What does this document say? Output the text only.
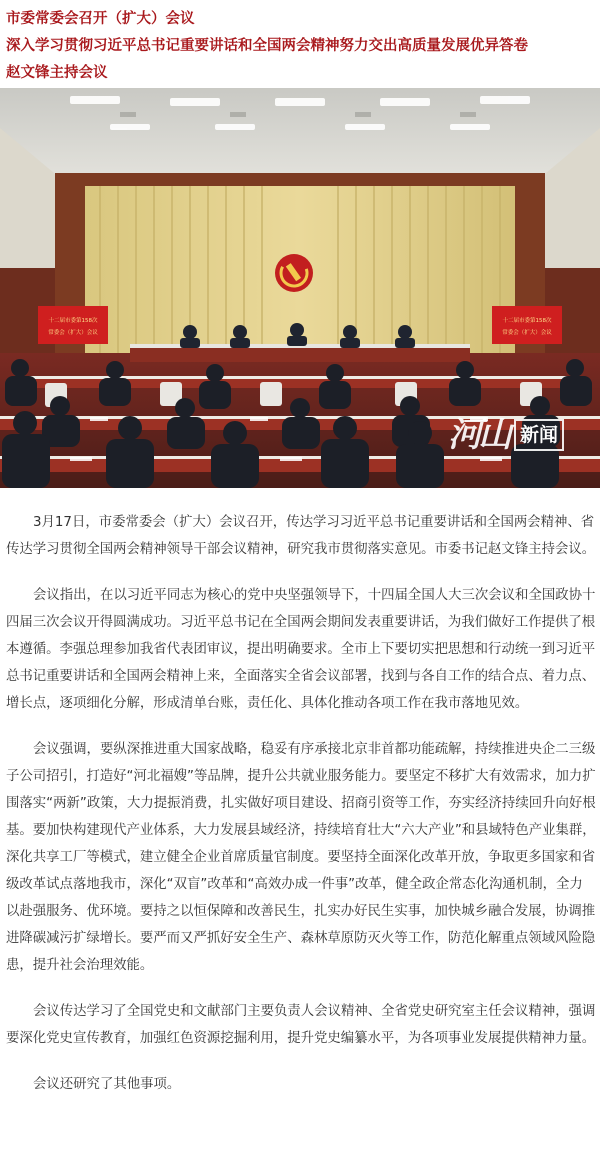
市委常委会召开（扩大）会议
深入学习贯彻习近平总书记重要讲话和全国两会精神努力交出高质量发展优异答卷
赵文锋主持会议
十二届市委第158次
常委会（扩大）会议
十二届市委第158次
常委会（扩大）会议
河山 新闻

3月17日，市委常委会（扩大）会议召开，传达学习习近平总书记重要讲话和全国两会精神、省传达学习贯彻全国两会精神领导干部会议精神，研究我市贯彻落实意见。市委书记赵文锋主持会议。

会议指出，在以习近平同志为核心的党中央坚强领导下，十四届全国人大三次会议和全国政协十四届三次会议开得圆满成功。习近平总书记在全国两会期间发表重要讲话，为我们做好工作提供了根本遵循。李强总理参加我省代表团审议，提出明确要求。全市上下要切实把思想和行动统一到习近平总书记重要讲话和全国两会精神上来，全面落实全省会议部署，找到与各自工作的结合点、着力点、增长点，逐项细化分解，形成清单台账，责任化、具体化推动各项工作在我市落地见效。

会议强调，要纵深推进重大国家战略，稳妥有序承接北京非首都功能疏解，持续推进央企二三级子公司招引，打造好“河北福嫂”等品牌，提升公共就业服务能力。要坚定不移扩大有效需求，加力扩围落实“两新”政策，大力提振消费，扎实做好项目建设、招商引资等工作，夯实经济持续回升向好根基。要加快构建现代产业体系，大力发展县域经济，持续培育壮大“六大产业”和县域特色产业集群，深化共享工厂等模式，建立健全企业首席质量官制度。要坚持全面深化改革开放，争取更多国家和省级改革试点落地我市，深化“双盲”改革和“高效办成一件事”改革，健全政企常态化沟通机制，全力以赴强服务、优环境。要持之以恒保障和改善民生，扎实办好民生实事，加快城乡融合发展，协调推进降碳减污扩绿增长。要严而又严抓好安全生产、森林草原防灭火等工作，防范化解重点领域风险隐患，提升社会治理效能。

会议传达学习了全国党史和文献部门主要负责人会议精神、全省党史研究室主任会议精神，强调要深化党史宣传教育，加强红色资源挖掘利用，提升党史编纂水平，为各项事业发展提供精神力量。

会议还研究了其他事项。
